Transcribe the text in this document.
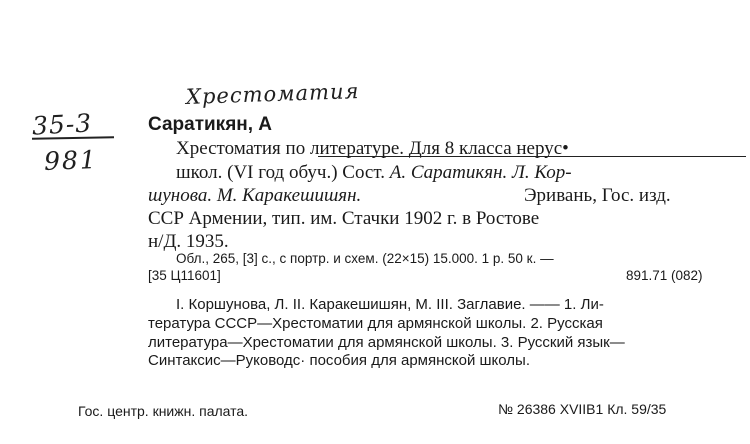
Хрестоматия
35-3
981
Саратикян, А
Хрестоматия по литературе. Для 8 класса нерус•
школ. (VI год обуч.) Сост. А. Саратикян. Л. Кор-
шунова. М. Каракешишян.	Эривань, Гос. изд.
ССР Армении, тип. им. Стачки 1902 г. в Ростове
н/Д. 1935.
Обл., 265, [3] с., с портр. и схем. (22×15) 15.000. 1 р. 50 к. —
[35 Ц11601]	891.71 (082)
I. Коршунова, Л. II. Каракешишян, М. III. Заглавие. —— 1. Ли-
тература СССР—Хрестоматии для армянской школы. 2. Русская
литература—Хрестоматии для армянской школы. 3. Русский язык—
Синтаксис—Руководс· пособия для армянской школы.
Гос. центр. книжн. палата.	№ 26386 XVIIB1 Кл. 59/35
